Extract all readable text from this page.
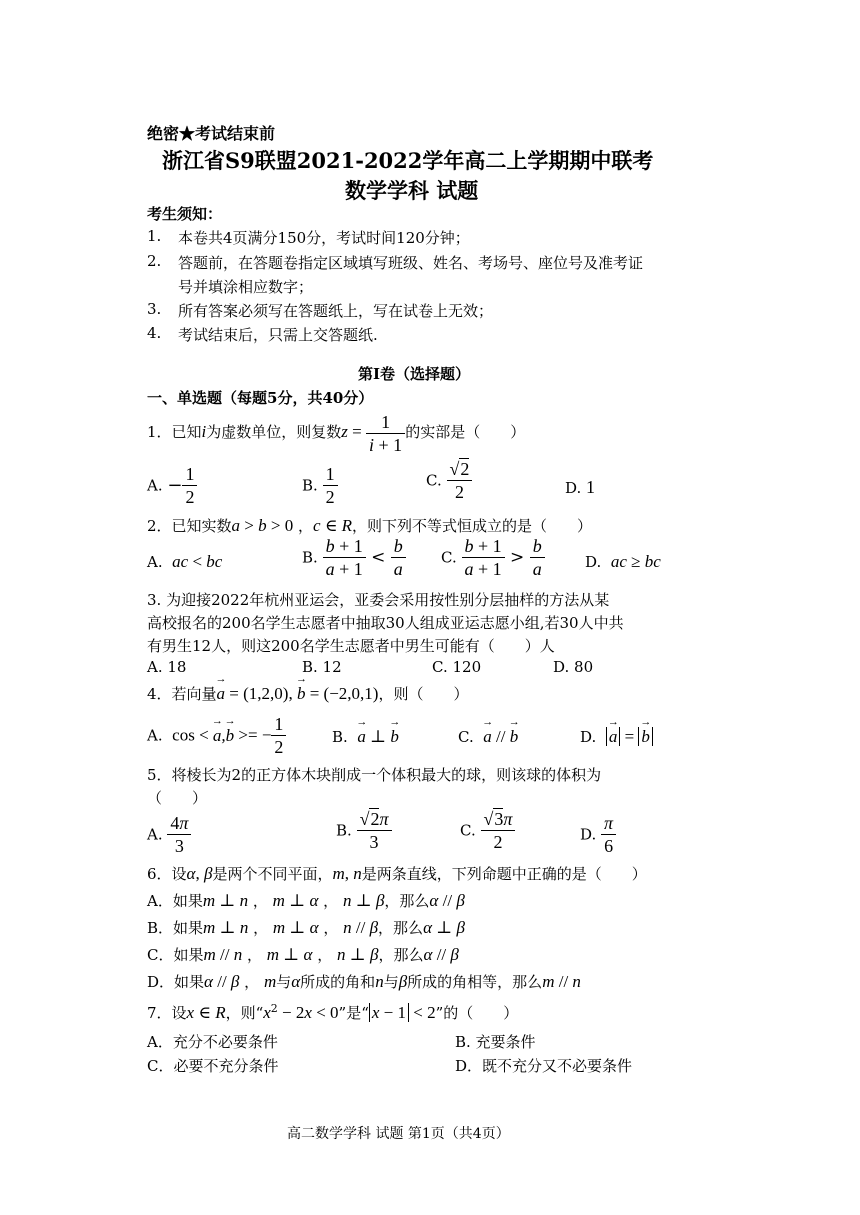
绝密★考试结束前
浙江省S9联盟2021-2022学年高二上学期期中联考
数学学科 试题
考生须知：
1. 本卷共4页满分150分，考试时间120分钟；
2. 答题前，在答题卷指定区域填写班级、姓名、考场号、座位号及准考证
号并填涂相应数字；
3. 所有答案必须写在答题纸上，写在试卷上无效；
4. 考试结束后，只需上交答题纸.
第Ⅰ卷（选择题）
一、单选题（每题5分，共40分）
1．已知i为虚数单位，则复数$z = \frac{1}{i + 1}$ 的实部是（　　）
A. − $\frac{1}{2}$	B. $\frac{1}{2}$	C. $\frac{√2}{2}$	D. 1
2．已知实数a > b > 0 ，c ∈ R，则下列不等式恒成立的是（　　）
A. ac < bc	B. $\frac{b + 1}{a + 1} < \frac{b}{a} C$. $\frac{b + 1}{a + 1} > \frac{b}{a}$	D. ac ≥ bc
3. 为迎接2022年杭州亚运会，亚委会采用按性别分层抽样的方法从某
高校报名的200名学生志愿者中抽取30人组成亚运志愿小组,若30人中共
有男生12人，则这200名学生志愿者中男生可能有（　　）人
A. 18	B. 12	C. 120	D. 80
4．若向量→ a = (1,2,0), → b = (−2,0,1)，则（　　）
A. cos < → a,→ b >= − $\frac{1}{2}$	B. → a ⊥ → b	C. → a // → b	D. → a = → b
5．将棱长为2的正方体木块削成一个体积最大的球，则该球的体积为
（　　）
A. $\frac{4\pi}{3}$	B. $\frac{√2\pi}{3}$	C. $\frac{√3\pi}{2}$	D. $\frac{\pi}{6}$
6．设α, β是两个不同平面，m, n是两条直线，下列命题中正确的是（　　）
A．如果m ⊥ n ， m ⊥ α ， n ⊥ β，那么α // β
B．如果m ⊥ n ， m ⊥ α ， n // β，那么α ⊥ β
C．如果m // n ， m ⊥ α ， n ⊥ β，那么α // β
D．如果α // β ， m与α所成的角和n与β所成的角相等，那么m // n
7．设x ∈ R，则“$x^2 - 2x < 0$”是“ x − 1 < 2”的（　　）
A．充分不必要条件	B. 充要条件
C．必要不充分条件	D．既不充分又不必要条件
高二数学学科 试题 第1页（共4页）
